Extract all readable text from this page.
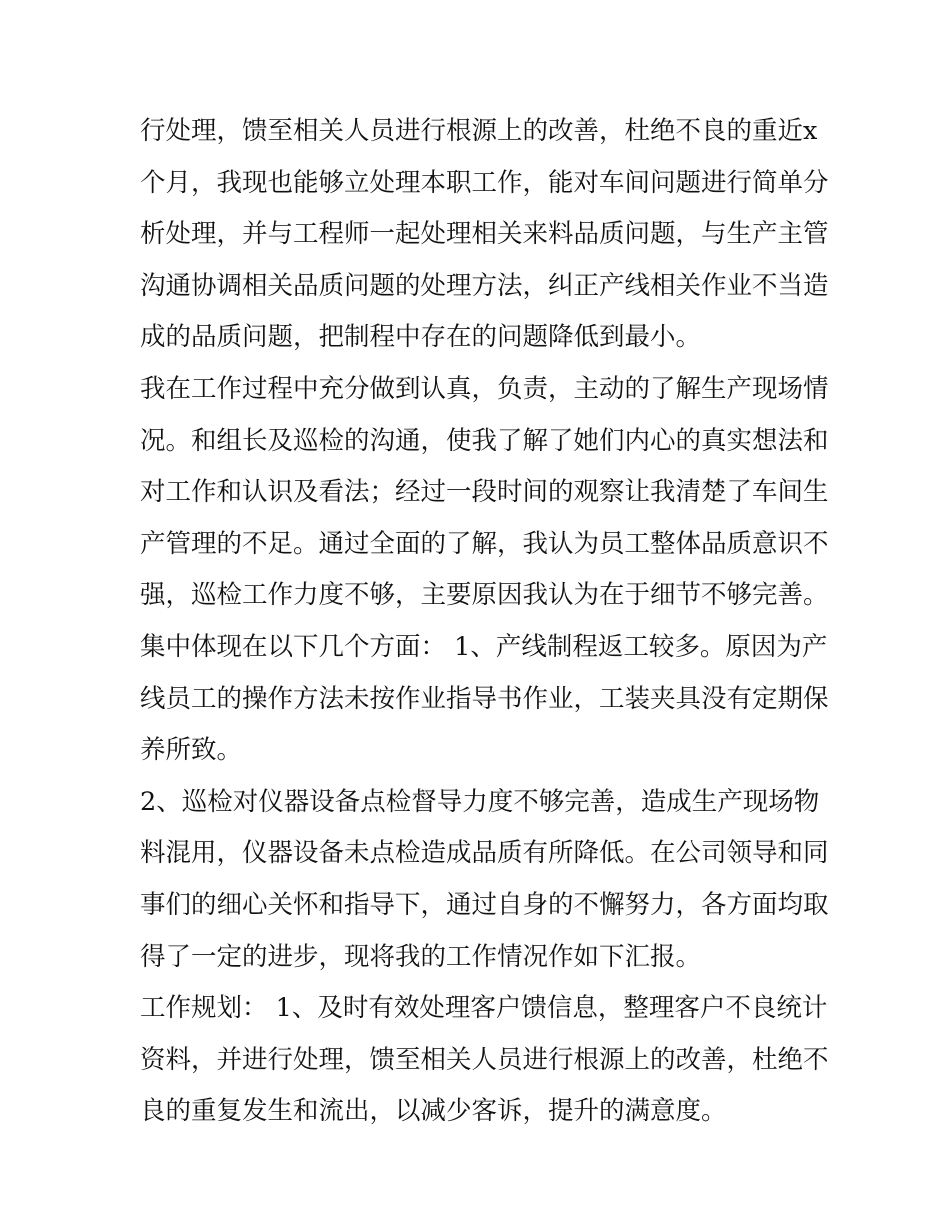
行处理，馈至相关人员进行根源上的改善，杜绝不良的重近x
个月，我现也能够立处理本职工作，能对车间问题进行简单分
析处理，并与工程师一起处理相关来料品质问题，与生产主管
沟通协调相关品质问题的处理方法，纠正产线相关作业不当造
成的品质问题，把制程中存在的问题降低到最小。
我在工作过程中充分做到认真，负责，主动的了解生产现场情
况。和组长及巡检的沟通，使我了解了她们内心的真实想法和
对工作和认识及看法；经过一段时间的观察让我清楚了车间生
产管理的不足。通过全面的了解，我认为员工整体品质意识不
强，巡检工作力度不够，主要原因我认为在于细节不够完善。
集中体现在以下几个方面： 1、产线制程返工较多。原因为产
线员工的操作方法未按作业指导书作业，工装夹具没有定期保
养所致。
2、巡检对仪器设备点检督导力度不够完善，造成生产现场物
料混用，仪器设备未点检造成品质有所降低。在公司领导和同
事们的细心关怀和指导下，通过自身的不懈努力，各方面均取
得了一定的进步，现将我的工作情况作如下汇报。
工作规划： 1、及时有效处理客户馈信息，整理客户不良统计
资料，并进行处理，馈至相关人员进行根源上的改善，杜绝不
良的重复发生和流出，以减少客诉，提升的满意度。
